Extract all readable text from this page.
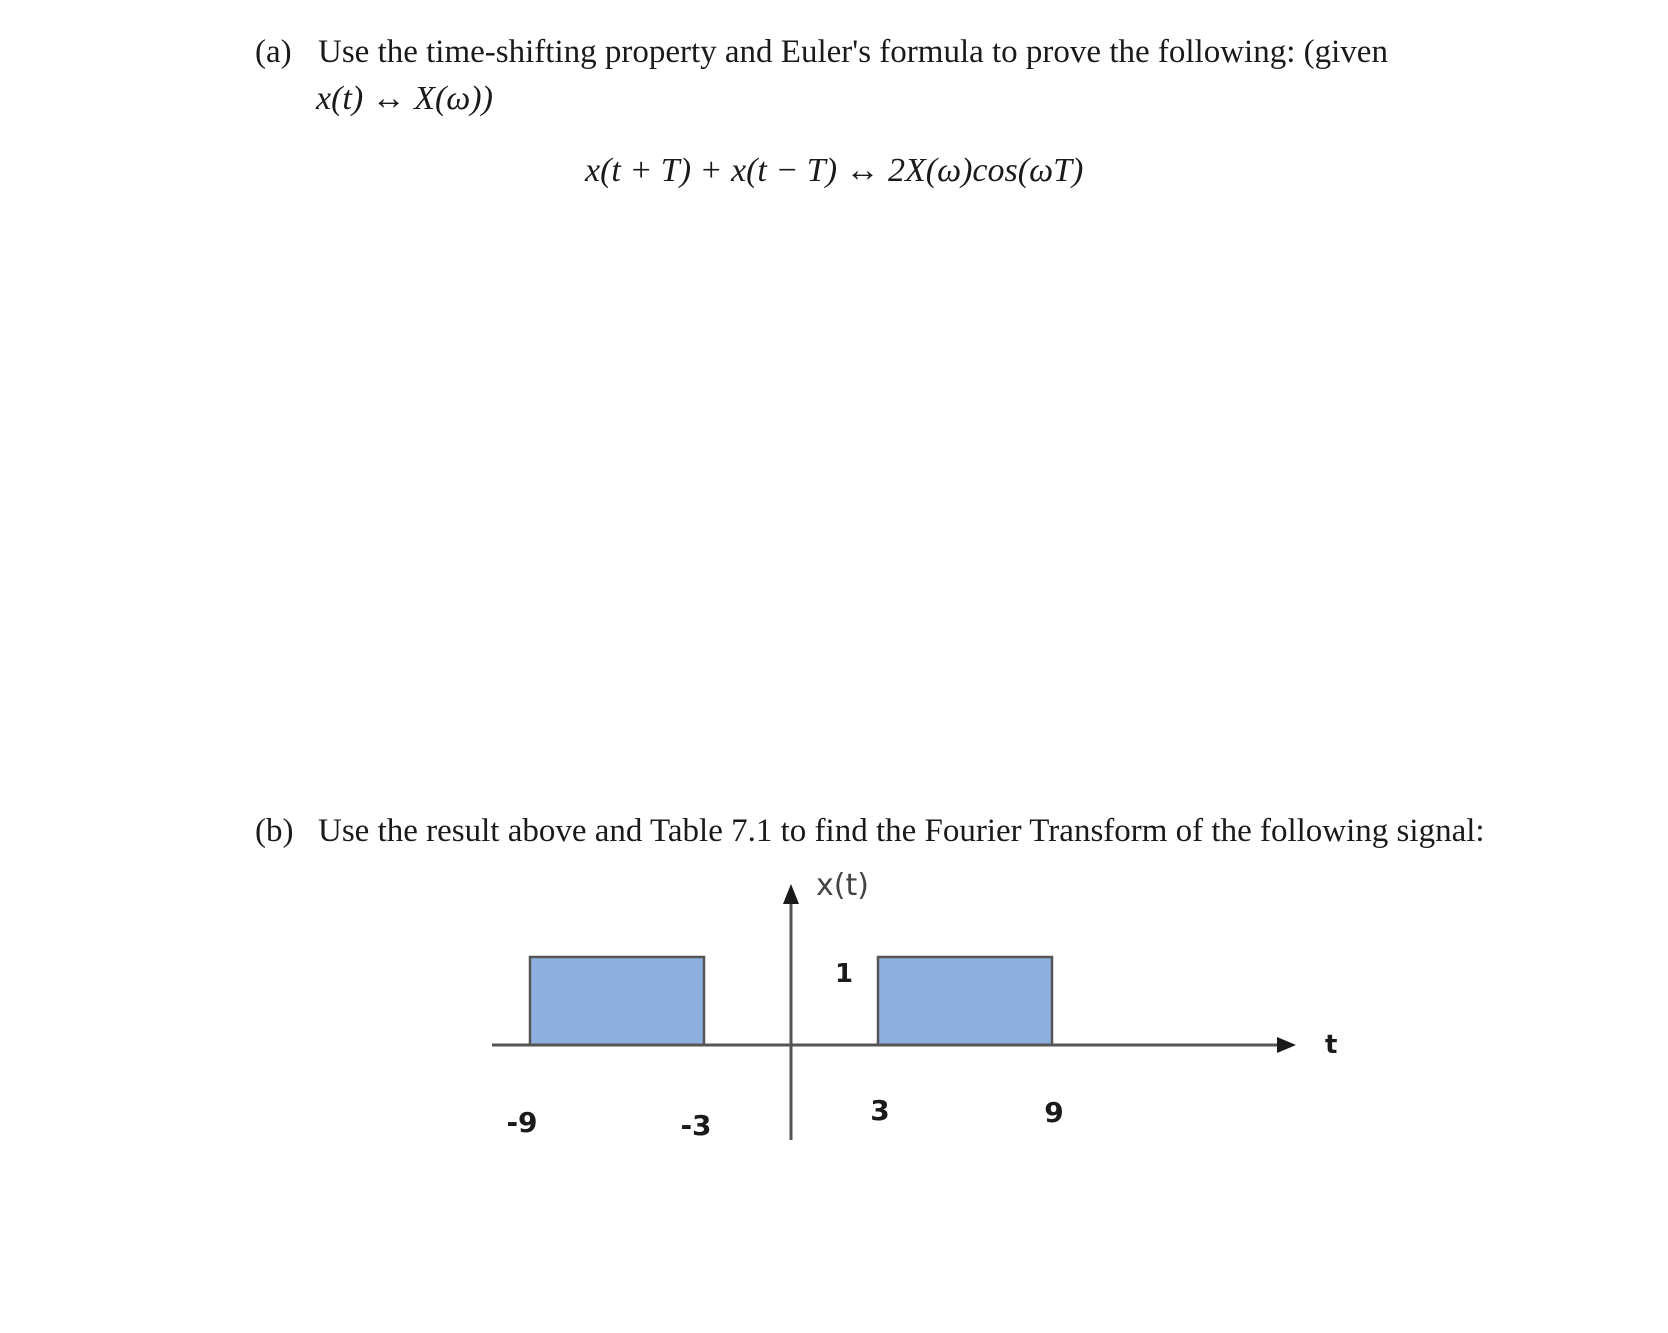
(a) Use the time-shifting property and Euler's formula to prove the following: (given
x(t) ↔ X(ω))
x(t + T) + x(t − T) ↔ 2X(ω)cos(ωT)
(b) Use the result above and Table 7.1 to find the Fourier Transform of the following signal:
x(t)
1
t
-9	-3	3	9
